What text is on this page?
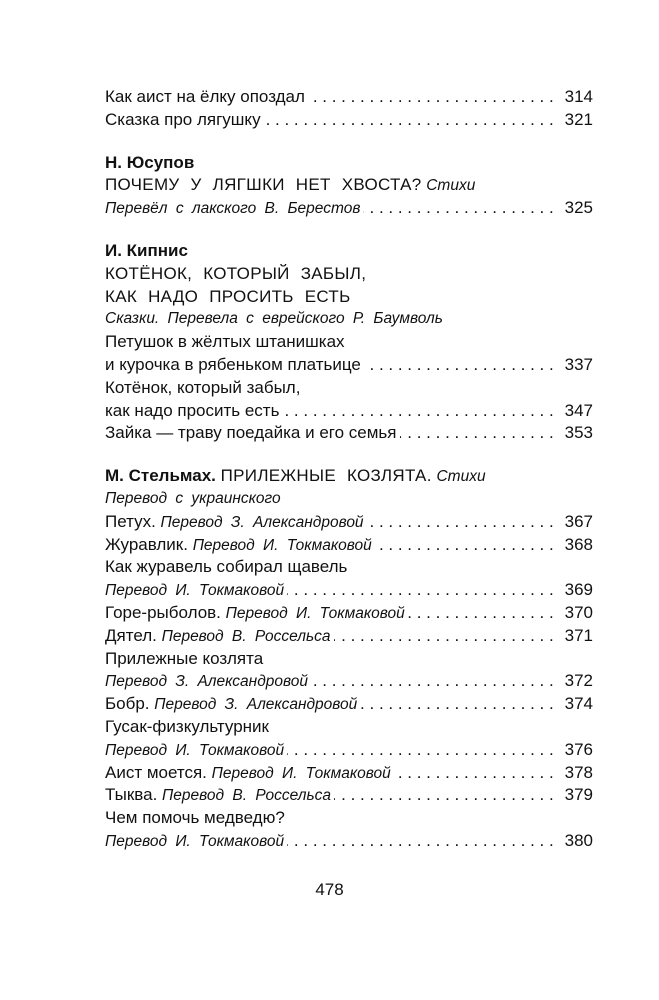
Как аист на ёлку опоздал	314
. . .
Сказка про лягушку	321
. . .
Н. Юсупов
ПОЧЕМУ У ЛЯГШКИ НЕТ ХВОСТА? Стихи
Перевёл с лакского В. Берестов	325
. . .
И. Кипнис
КОТЁНОК, КОТОРЫЙ ЗАБЫЛ,
КАК НАДО ПРОСИТЬ ЕСТЬ
Сказки. Перевела с еврейского Р. Баумволь
Петушок в жёлтых штанишках
и курочка в рябеньком платьице	337
. . .
Котёнок, который забыл,
как надо просить есть	347
. . .
Зайка — траву поедайка и его семья	353
. . .
М. Стельмах. ПРИЛЕЖНЫЕ КОЗЛЯТА. Стихи
Перевод с украинского
Петух. Перевод З. Александровой	367
. . .
Журавлик. Перевод И. Токмаковой	368
. . .
Как журавель собирал щавель
Перевод И. Токмаковой	369
. . .
Горе-рыболов. Перевод И. Токмаковой	370
. . .
Дятел. Перевод В. Россельса	371
. . .
Прилежные козлята
Перевод З. Александровой	372
. . .
Бобр. Перевод З. Александровой	374
. . .
Гусак-физкультурник
Перевод И. Токмаковой	376
. . .
Аист моется. Перевод И. Токмаковой	378
. . .
Тыква. Перевод В. Россельса	379
. . .
Чем помочь медведю?
Перевод И. Токмаковой	380
. . .
478
